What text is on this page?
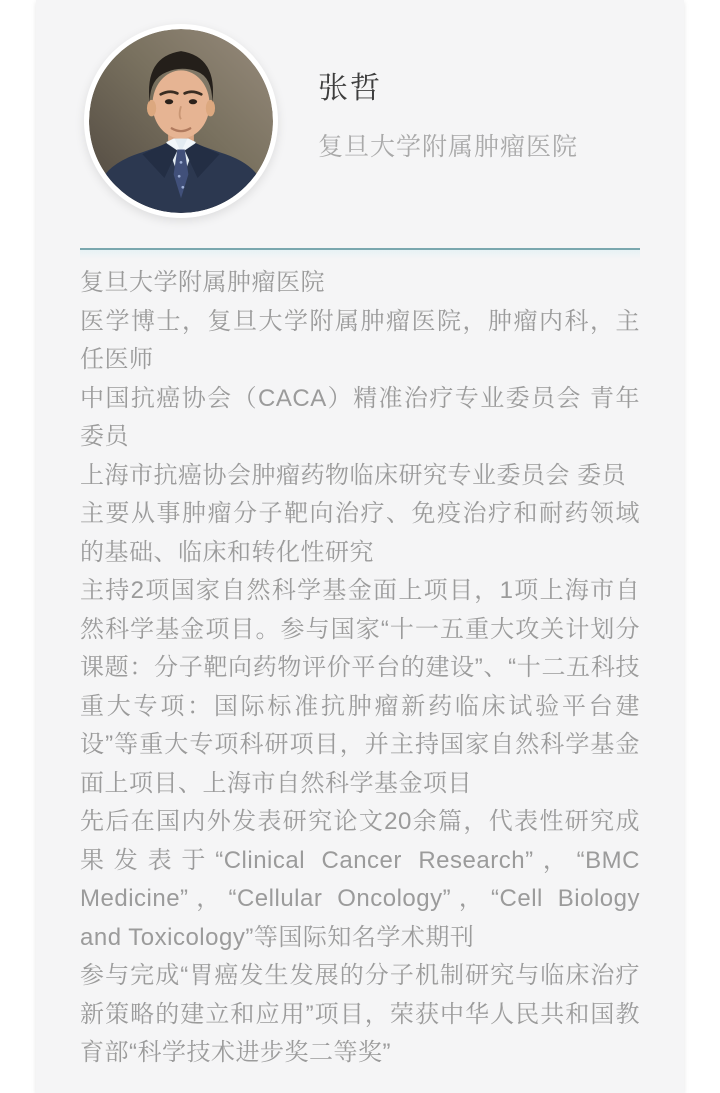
张哲
复旦大学附属肿瘤医院

复旦大学附属肿瘤医院

医学博士，复旦大学附属肿瘤医院，肿瘤内科，主任医师

中国抗癌协会（CACA）精准治疗专业委员会 青年委员

上海市抗癌协会肿瘤药物临床研究专业委员会 委员

主要从事肿瘤分子靶向治疗、免疫治疗和耐药领域的基础、临床和转化性研究

主持2项国家自然科学基金面上项目，1项上海市自然科学基金项目。参与国家“十一五重大攻关计划分课题：分子靶向药物评价平台的建设”、“十二五科技重大专项：国际标准抗肿瘤新药临床试验平台建设”等重大专项科研项目，并主持国家自然科学基金面上项目、上海市自然科学基金项目

先后在国内外发表研究论文20余篇，代表性研究成果发表于“Clinical Cancer Research”，“BMC Medicine”，“Cellular Oncology”，“Cell Biology and Toxicology”等国际知名学术期刊

参与完成“胃癌发生发展的分子机制研究与临床治疗新策略的建立和应用”项目，荣获中华人民共和国教育部“科学技术进步奖二等奖”
